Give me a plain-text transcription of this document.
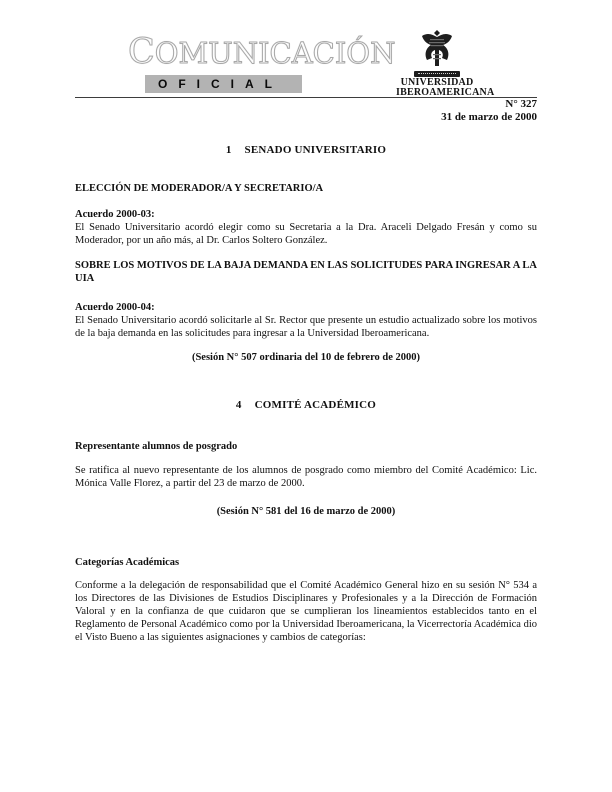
COMUNICACIÓN
OFICIAL	UNIVERSIDAD
IBEROAMERICANA
N° 327
31 de marzo de 2000
1 SENADO UNIVERSITARIO
ELECCIÓN DE MODERADOR/A Y SECRETARIO/A
Acuerdo 2000-03:
El Senado Universitario acordó elegir como su Secretaria a la Dra. Araceli Delgado Fresán y como su Moderador, por un año más, al Dr. Carlos Soltero González.
SOBRE LOS MOTIVOS DE LA BAJA DEMANDA EN LAS SOLICITUDES PARA INGRESAR A LA UIA
Acuerdo 2000-04:
El Senado Universitario acordó solicitarle al Sr. Rector que presente un estudio actualizado sobre los motivos de la baja demanda en las solicitudes para ingresar a la Universidad Iberoamericana.
(Sesión N° 507 ordinaria del 10 de febrero de 2000)
4 COMITÉ ACADÉMICO
Representante alumnos de posgrado
Se ratifica al nuevo representante de los alumnos de posgrado como miembro del Comité Académico: Lic. Mónica Valle Florez, a partir del 23 de marzo de 2000.
(Sesión N° 581 del 16 de marzo de 2000)
Categorías Académicas
Conforme a la delegación de responsabilidad que el Comité Académico General hizo en su sesión N° 534 a los Directores de las Divisiones de Estudios Disciplinares y Profesionales y a la Dirección de Formación Valoral y en la confianza de que cuidaron que se cumplieran los lineamientos establecidos tanto en el Reglamento de Personal Académico como por la Universidad Iberoamericana, la Vicerrectoría Académica dio el Visto Bueno a las siguientes asignaciones y cambios de categorías:
